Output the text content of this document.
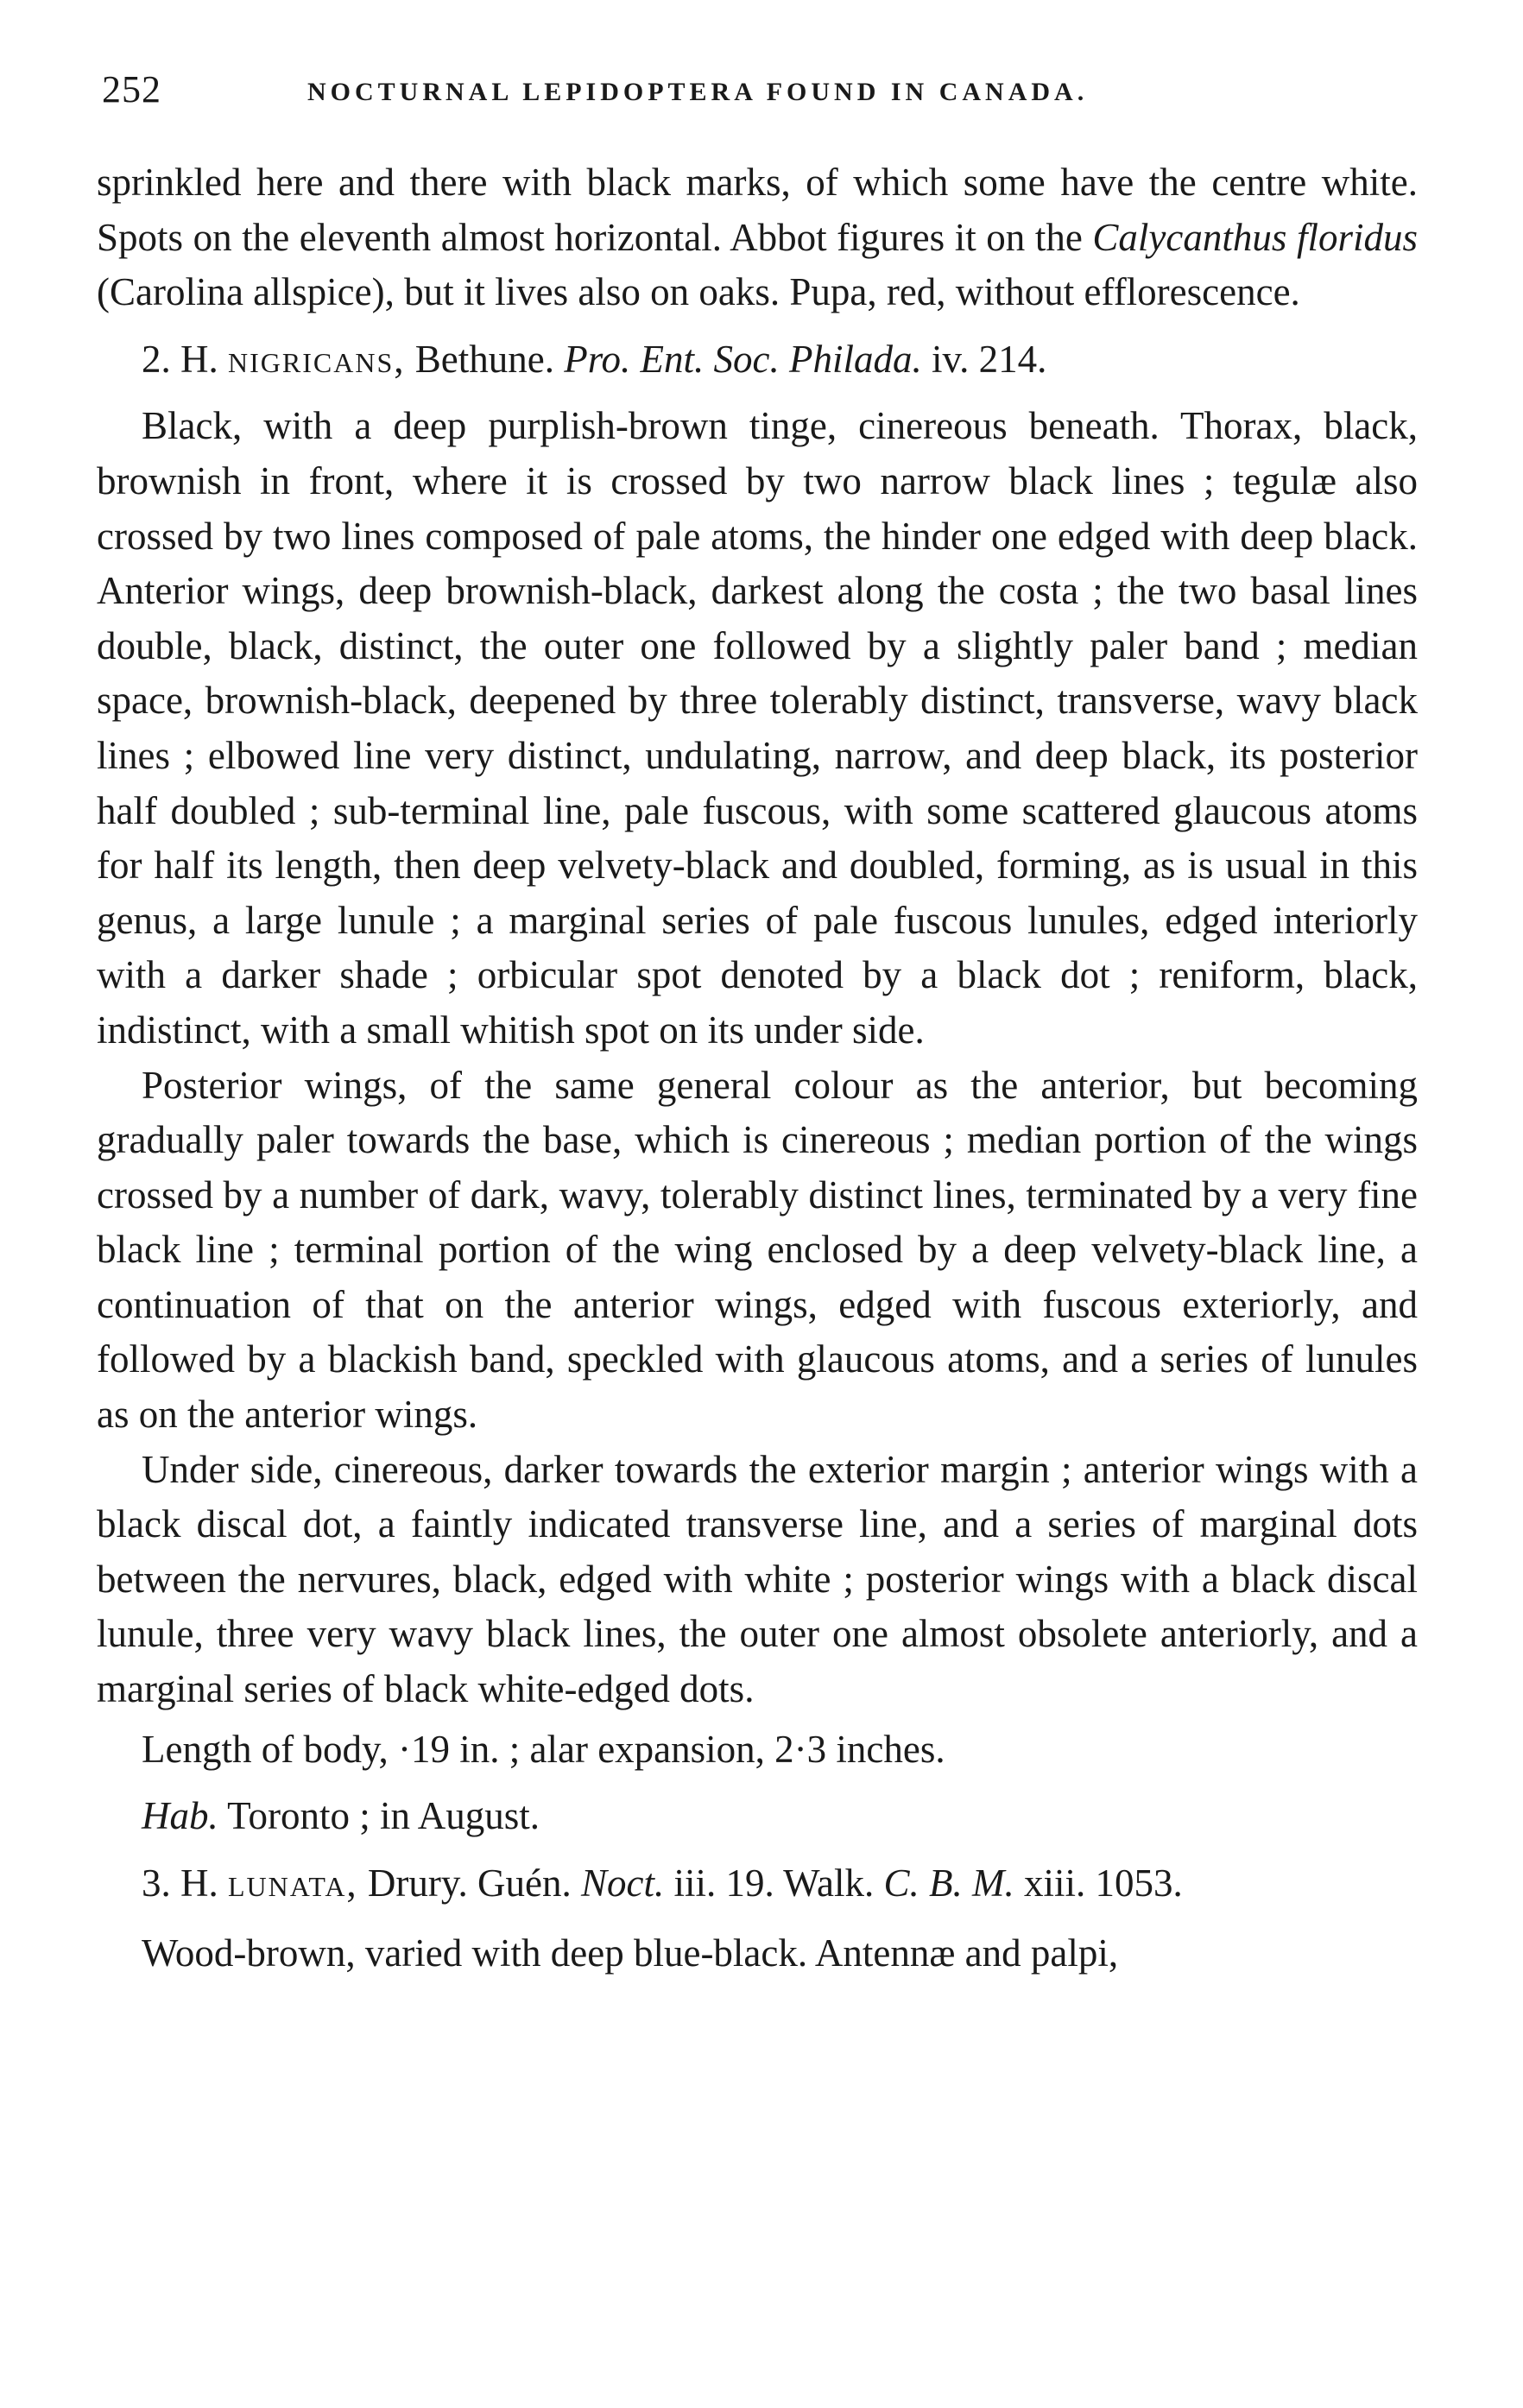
252	NOCTURNAL LEPIDOPTERA FOUND IN CANADA.

sprinkled here and there with black marks, of which some have the centre white. Spots on the eleventh almost horizontal. Abbot figures it on the Calycanthus floridus (Carolina allspice), but it lives also on oaks. Pupa, red, without efflorescence.

2. H. nigricans, Bethune. Pro. Ent. Soc. Philada. iv. 214.

Black, with a deep purplish-brown tinge, cinereous beneath. Thorax, black, brownish in front, where it is crossed by two narrow black lines ; tegulæ also crossed by two lines composed of pale atoms, the hinder one edged with deep black. Anterior wings, deep brownish-black, darkest along the costa ; the two basal lines double, black, distinct, the outer one followed by a slightly paler band ; median space, brownish-black, deepened by three tolerably distinct, transverse, wavy black lines ; elbowed line very distinct, undulating, narrow, and deep black, its posterior half doubled ; sub-terminal line, pale fuscous, with some scattered glaucous atoms for half its length, then deep velvety-black and doubled, forming, as is usual in this genus, a large lunule ; a marginal series of pale fuscous lunules, edged interiorly with a darker shade ; orbicular spot denoted by a black dot ; reniform, black, indistinct, with a small whitish spot on its under side.

Posterior wings, of the same general colour as the anterior, but becoming gradually paler towards the base, which is cinereous ; median portion of the wings crossed by a number of dark, wavy, tolerably distinct lines, terminated by a very fine black line ; terminal portion of the wing enclosed by a deep velvety-black line, a continuation of that on the anterior wings, edged with fuscous exteriorly, and followed by a blackish band, speckled with glaucous atoms, and a series of lunules as on the anterior wings.

Under side, cinereous, darker towards the exterior margin ; anterior wings with a black discal dot, a faintly indicated transverse line, and a series of marginal dots between the nervures, black, edged with white ; posterior wings with a black discal lunule, three very wavy black lines, the outer one almost obsolete anteriorly, and a marginal series of black white-edged dots.

Length of body, ·19 in. ; alar expansion, 2·3 inches.

Hab. Toronto ; in August.

3. H. lunata, Drury. Guén. Noct. iii. 19. Walk. C. B. M. xiii. 1053.

Wood-brown, varied with deep blue-black. Antennæ and palpi,
